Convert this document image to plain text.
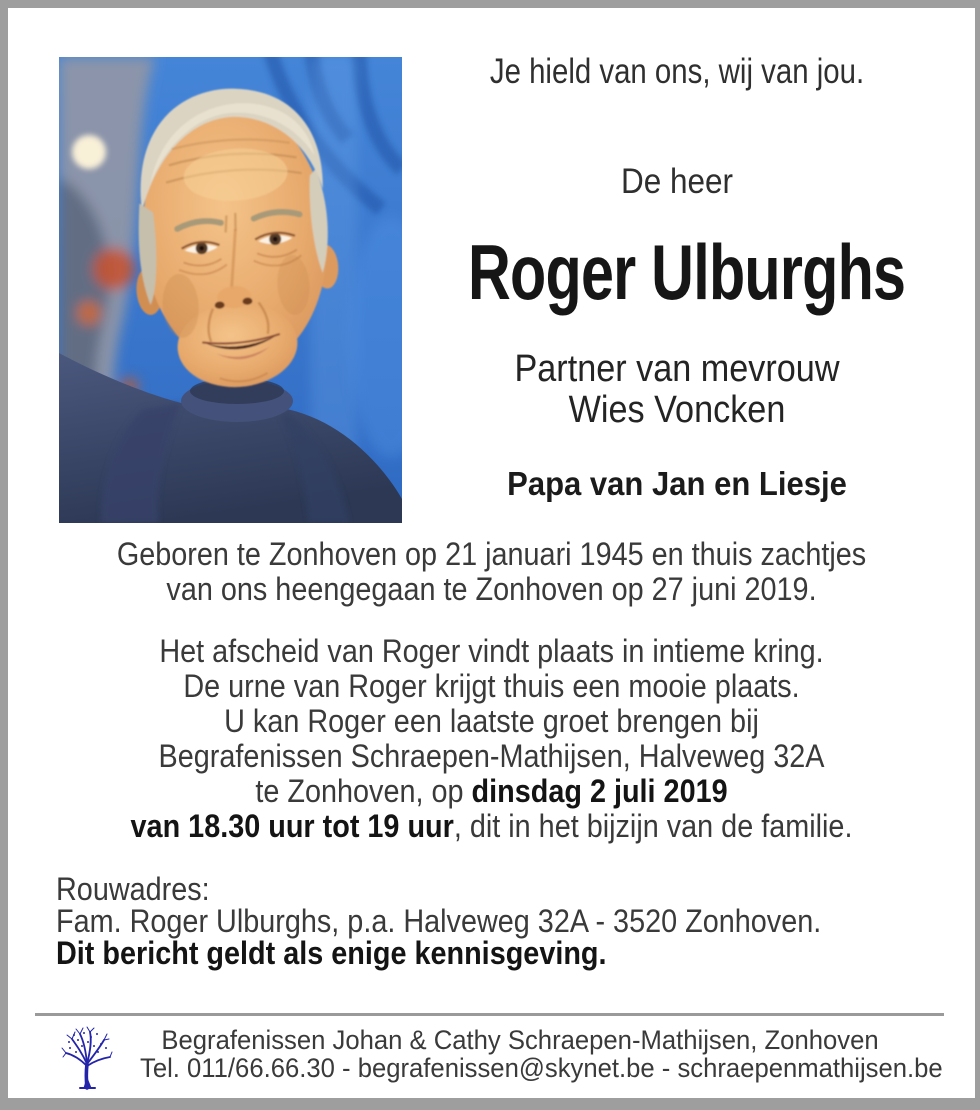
Je hield van ons, wij van jou.
De heer
Roger Ulburghs
Partner van mevrouw
Wies Voncken
Papa van Jan en Liesje
Geboren te Zonhoven op 21 januari 1945 en thuis zachtjes
van ons heengegaan te Zonhoven op 27 juni 2019.
Het afscheid van Roger vindt plaats in intieme kring.
De urne van Roger krijgt thuis een mooie plaats.
U kan Roger een laatste groet brengen bij
Begrafenissen Schraepen-Mathijsen, Halveweg 32A
te Zonhoven, op dinsdag 2 juli 2019
van 18.30 uur tot 19 uur, dit in het bijzijn van de familie.
Rouwadres:
Fam. Roger Ulburghs, p.a. Halveweg 32A - 3520 Zonhoven.
Dit bericht geldt als enige kennisgeving.
Begrafenissen Johan & Cathy Schraepen-Mathijsen, Zonhoven
Tel. 011/66.66.30 - begrafenissen@skynet.be - schraepenmathijsen.be
